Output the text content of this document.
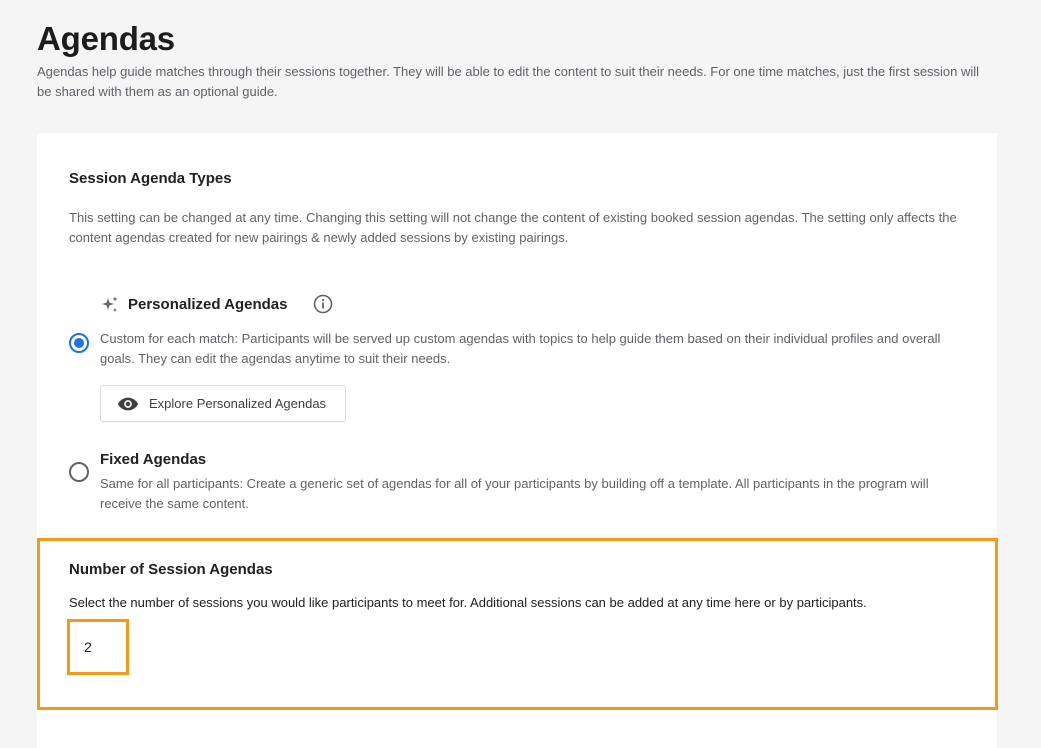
Agendas

Agendas help guide matches through their sessions together. They will be able to edit the content to suit their needs. For one time matches, just the first session will be shared with them as an optional guide.

Session Agenda Types
This setting can be changed at any time. Changing this setting will not change the content of existing booked session agendas. The setting only affects the content agendas created for new pairings & newly added sessions by existing pairings.
Personalized Agendas
Custom for each match: Participants will be served up custom agendas with topics to help guide them based on their individual profiles and overall goals. They can edit the agendas anytime to suit their needs.
Explore Personalized Agendas
Fixed Agendas
Same for all participants: Create a generic set of agendas for all of your participants by building off a template. All participants in the program will receive the same content.
Number of Session Agendas
Select the number of sessions you would like participants to meet for. Additional sessions can be added at any time here or by participants.
2
